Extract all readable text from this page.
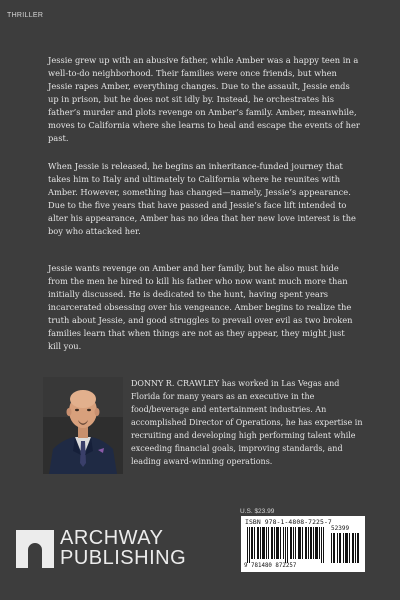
THRILLER

Jessie grew up with an abusive father, while Amber was a happy teen in a well-to-do neighborhood. Their families were once friends, but when Jessie rapes Amber, everything changes. Due to the assault, Jessie ends up in prison, but he does not sit idly by. Instead, he orchestrates his father’s murder and plots revenge on Amber’s family. Amber, meanwhile, moves to California where she learns to heal and escape the events of her past.

When Jessie is released, he begins an inheritance-funded journey that takes him to Italy and ultimately to California where he reunites with Amber. However, something has changed—namely, Jessie’s appearance. Due to the five years that have passed and Jessie’s face lift intended to alter his appearance, Amber has no idea that her new love interest is the boy who attacked her.

Jessie wants revenge on Amber and her family, but he also must hide from the men he hired to kill his father who now want much more than initially discussed. He is dedicated to the hunt, having spent years incarcerated obsessing over his vengeance. Amber begins to realize the truth about Jessie, and good struggles to prevail over evil as two broken families learn that when things are not as they appear, they might just kill you.

DONNY R. CRAWLEY has worked in Las Vegas and Florida for many years as an executive in the food/beverage and entertainment industries. An accomplished Director of Operations, he has expertise in recruiting and developing high performing talent while exceeding financial goals, improving standards, and leading award-winning operations.

U.S. $23.99
ISBN 978-1-4808-7225-7
52399
9 781480 872257
ARCHWAY
PUBLISHING
